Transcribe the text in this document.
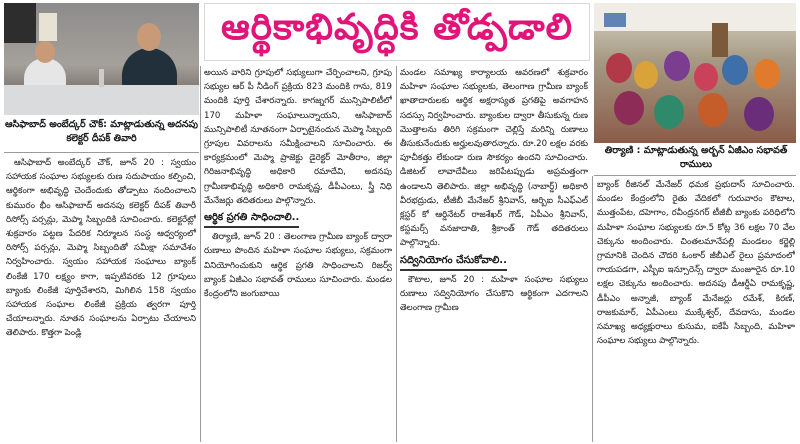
ఆసిఫాబాద్ అంబేద్కర్ చౌక్: మాట్లాడుతున్న అదనపు కలెక్టర్ దీపక్ తివారి
ఆర్థికాభివృద్ధికి తోడ్పడాలి
తిర్యాణి : మాట్లాడుతున్న అర్బన్ ఏజీఎం సభావత్ రాములు

ఆసిఫాబాద్ అంబేద్కర్ చౌక్, జూన్ 20 : స్వయం సహాయక సంఘాల సభ్యులకు రుణ సదుపాయం కల్పించి, ఆర్థికంగా అభివృద్ధి చెందేందుకు తోడ్పాటు నందించాలని కుమురం భీం ఆసిఫాబాద్ అదనపు కలెక్టర్ దీపక్ తివారీ రిసోర్స్ పర్సన్లు, మెప్మా సిబ్బందికి సూచించారు. కలెక్టరేట్లో శుక్రవారం పట్టణ పేదరిక నిర్మూలన సంస్థ ఆధ్వర్యంలో రిసోర్స్ పర్సన్లు, మెప్మా సిబ్బందితో సమీక్షా సమావేశం నిర్వహించారు. స్వయం సహాయక సంఘాలు బ్యాంక్ లింకేజీ 170 లక్ష్యం కాగా, ఇప్పటివరకు 12 గ్రూపులు బ్యాంకు లింకేజీ పూర్తిచేశారని, మిగిలిన 158 స్వయం సహాయక సంఘాల లింకేజీ ప్రక్రియ త్వరగా పూర్తి చేయాలన్నారు. నూతన సంఘాలను ఏర్పాటు చేయాలని తెలిపారు. కొత్తగా పెండ్లి

అయిన వారిని గ్రూపులో సభ్యులుగా చేర్పించాలని, గ్రూపు సభ్యుల ఆర్ పీ నీడింగ్ ప్రక్రియ 823 మందికి గాను, 819 మందికి పూర్తి చేశారన్నారు. కాగజ్నగర్ మున్సిపాలిటీలో 170 మహిళా సంఘాలున్నాయని, ఆసిఫాబాద్ మున్సిపాలిటీ నూతనంగా ఏర్పాటైనందున మెప్మా సిబ్బంది గ్రూపుల వివరాలను సమీక్షించాలని సూచించారు. ఈ కార్యక్రమంలో మెప్మా ప్రాజెక్టు డైరెక్టర్ మోతీరాం, జిల్లా గిరిజనాభివృద్ధి అధికారి రమాదేవి, అదనపు గ్రామీణాభివృద్ధి అధికారి రామకృష్ణ, డీపీఎంలు, స్త్రీ నిధి మేనేజర్లు తదితరులు పాల్గొన్నారు.

ఆర్థిక ప్రగతి సాధించాలి..

తిర్యాణి, జూన్ 20 : తెలంగాణ గ్రామీణ బ్యాంక్ ద్వారా రుణాలు పొందిన మహిళా సంఘాల సభ్యులు, సక్రమంగా వినియోగించుకుని ఆర్థిక ప్రగతి సాధించాలని రిజర్వ్ బ్యాంక్ ఏజీఎం సభావత్ రాములు సూచించారు. మండల కేంద్రంలోని జంగుబాయి

మండల సమాఖ్య కార్యాలయ ఆవరణలో శుక్రవారం మహిళా సంఘాల సభ్యులకు, తెలంగాణ గ్రామీణ బ్యాంక్ ఖాతాదారులకు ఆర్థిక అక్షరాస్యత ప్రగతిపై అవగాహన సదస్సు నిర్వహించారు. బ్యాంకుల ద్వారా తీసుకున్న రుణ మొత్తాలను తిరిగి సక్రమంగా చెల్లిస్తే మరిన్ని రుణాలు తీసుకునేందుకు అర్హులవుతారన్నారు. రూ.20 లక్షల వరకు పూచీకత్తు లేకుండా రుణ సౌకర్యం ఉందని సూచించారు. డిజిటల్ లావాదేవీలు జరిపేటప్పుడు అప్రమత్తంగా ఉండాలని తెలిపారు. జిల్లా అభివృద్ధి (నాబార్డ్) అధికారి వీరభద్రుడు, టీజీబీ మేనేజర్ శ్రీనివాస్, ఆర్బిఐ సీఎఫ్ఎల్ క్లస్టర్ కో ఆర్డినేటర్ రాజశేఖర్ గౌడ్, ఏపీఎం శ్రీనివాస్, కస్టమర్స్ వనజాదాతి, శ్రీకాంత్ గౌడ్ తదితరులు పాల్గొన్నారు.

సద్వినియోగం చేసుకోవాలి..

కౌటాల, జూన్ 20 : మహిళా సంఘాల సభ్యులు రుణాలు సద్వినియోగం చేసుకొని ఆర్థికంగా ఎదగాలని తెలంగాణ గ్రామీణ

బ్యాంక్ రీజినల్ మేనేజర్ ధమక ప్రభుదాస్ సూచించారు. మండల కేంద్రంలోని రైతు వేదికలో గురువారం కౌటాల, ముత్తంపేట, దహెగాం, రవీంద్రనగర్ టీజీబీ బ్యాంకు పరిధిలోని మహిళా సంఘాల సభ్యులకు రూ.5 కోట్ల 36 లక్షల 70 వేల చెక్కును అందించారు. చింతలమానేపల్లి మండలం కర్జెల్లి గ్రామానికి చెందిన చౌదరి ఓంకార్ జీబీఎల్ రైలు ప్రమాదంలో గాయపడగా, ఎస్బీఐ ఇన్సూరెన్స్ ద్వారా మంజూరైన రూ.10 లక్షల చెక్కును అందించారు. అదనపు డీఆర్డీఏ రామకృష్ణ, డీపీఎం అన్నాజీ, బ్యాంక్ మేనేజర్లు రమేశ్, కిరణ్, రాజకుమార్, ఏపీఎంలు ముక్కేశ్వర్, దేవదాసు, మండల సమాఖ్య అధ్యక్షురాలు కుసుమ, ఐకేపీ సిబ్బంది, మహిళా సంఘాల సభ్యులు పాల్గొన్నారు.
